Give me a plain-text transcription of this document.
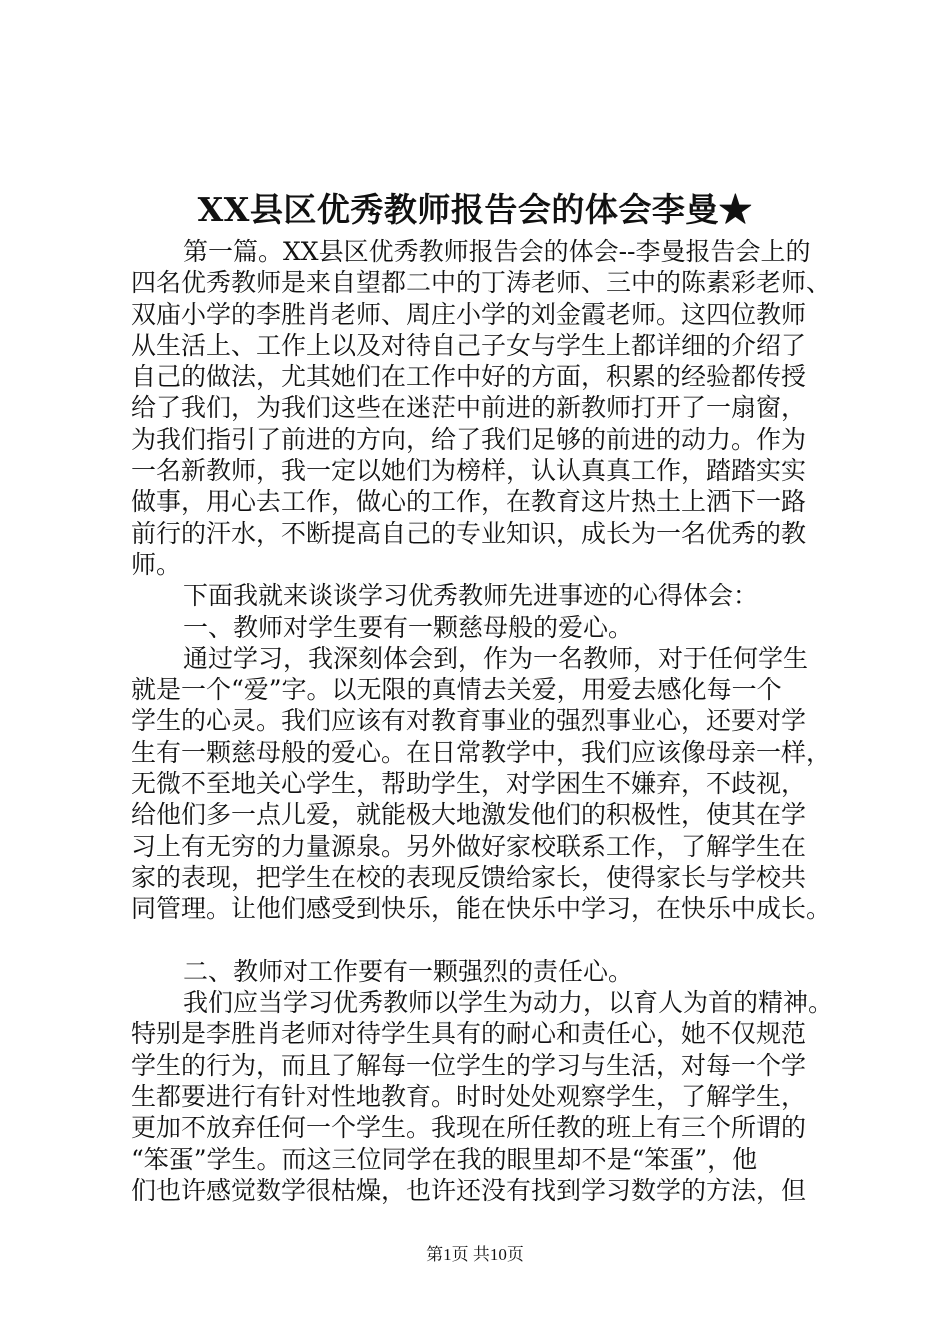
XX县区优秀教师报告会的体会李曼★
第一篇。XX县区优秀教师报告会的体会--李曼报告会上的
四名优秀教师是来自望都二中的丁涛老师、三中的陈素彩老师、
双庙小学的李胜肖老师、周庄小学的刘金霞老师。这四位教师
从生活上、工作上以及对待自己子女与学生上都详细的介绍了
自己的做法，尤其她们在工作中好的方面，积累的经验都传授
给了我们，为我们这些在迷茫中前进的新教师打开了一扇窗，
为我们指引了前进的方向，给了我们足够的前进的动力。作为
一名新教师，我一定以她们为榜样，认认真真工作，踏踏实实
做事，用心去工作，做心的工作，在教育这片热土上洒下一路
前行的汗水，不断提高自己的专业知识，成长为一名优秀的教
师。
下面我就来谈谈学习优秀教师先进事迹的心得体会：
一、教师对学生要有一颗慈母般的爱心。
通过学习，我深刻体会到，作为一名教师，对于任何学生
就是一个“爱”字。以无限的真情去关爱，用爱去感化每一个
学生的心灵。我们应该有对教育事业的强烈事业心，还要对学
生有一颗慈母般的爱心。在日常教学中，我们应该像母亲一样，
无微不至地关心学生，帮助学生，对学困生不嫌弃，不歧视，
给他们多一点儿爱，就能极大地激发他们的积极性，使其在学
习上有无穷的力量源泉。另外做好家校联系工作，了解学生在
家的表现，把学生在校的表现反馈给家长，使得家长与学校共
同管理。让他们感受到快乐，能在快乐中学习，在快乐中成长。
二、教师对工作要有一颗强烈的责任心。
我们应当学习优秀教师以学生为动力，以育人为首的精神。
特别是李胜肖老师对待学生具有的耐心和责任心，她不仅规范
学生的行为，而且了解每一位学生的学习与生活，对每一个学
生都要进行有针对性地教育。时时处处观察学生，了解学生，
更加不放弃任何一个学生。我现在所任教的班上有三个所谓的
“笨蛋”学生。而这三位同学在我的眼里却不是“笨蛋”，他
们也许感觉数学很枯燥，也许还没有找到学习数学的方法，但
第1页 共10页
